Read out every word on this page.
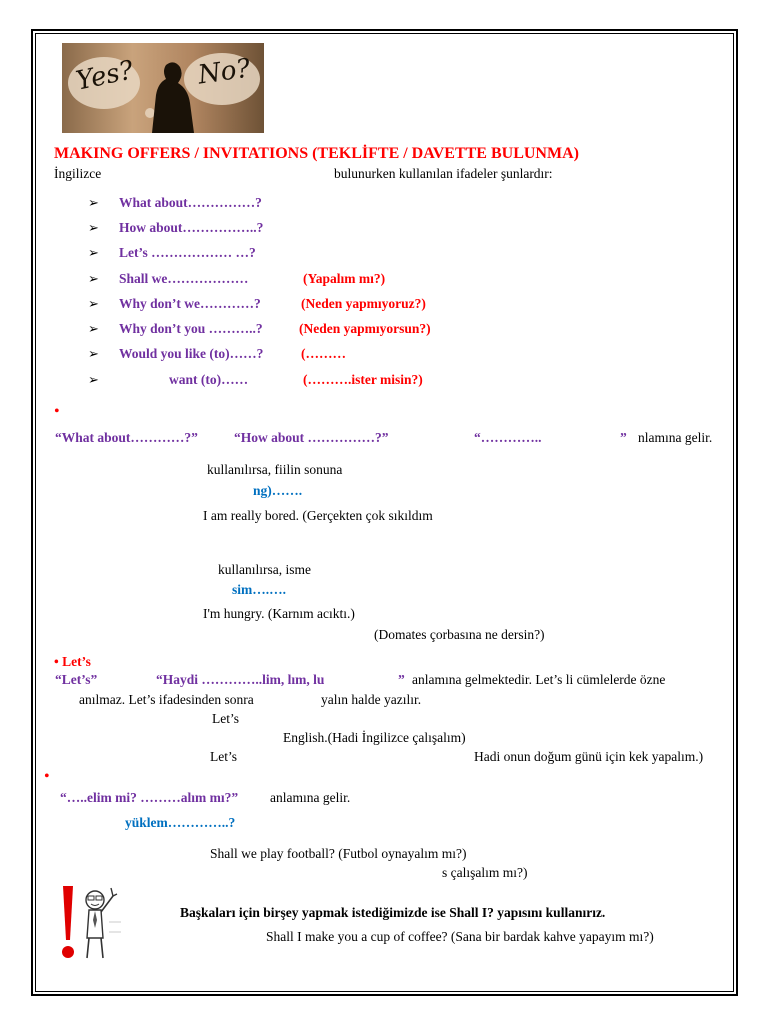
Yes? No?
MAKING OFFERS / INVITATIONS (TEKLİFTE / DAVETTE BULUNMA)
İngilizce	bulunurken kullanılan ifadeler şunlardır:
➢ What about……………?
➢ How about……………..?
➢ Let’s ……………… …?
➢ Shall we………………	(Yapalım mı?)
➢ Why don’t we…………?	(Neden yapmıyoruz?)
➢ Why don’t you ………..?	(Neden yapmıyorsun?)
➢ Would you like (to)……?	(………
➢	want (to)……	(……….ister misin?)
•
“What about…………?”	“How about ……………?”	“…………..	” nlamına gelir.
kullanılırsa, fiilin sonuna
ng)…….
I am really bored. (Gerçekten çok sıkıldım
kullanılırsa, isme
sim….….
I'm hungry. (Karnım acıktı.)
(Domates çorbasına ne dersin?)
• Let’s
“Let’s”	“Haydi …………..lim, lım, lu	” anlamına gelmektedir. Let’s li cümlelerde özne
anılmaz. Let’s ifadesinden sonra	yalın halde yazılır.
Let’s
English.(Hadi İngilizce çalışalım)
Let’s	Hadi onun doğum günü için kek yapalım.)
•
“…..elim mi? ………alım mı?” anlamına gelir.
yüklem…………..?
Shall we play football? (Futbol oynayalım mı?)
s çalışalım mı?)
Başkaları için birşey yapmak istediğimizde ise Shall I? yapısını kullanırız.
Shall I make you a cup of coffee? (Sana bir bardak kahve yapayım mı?)
